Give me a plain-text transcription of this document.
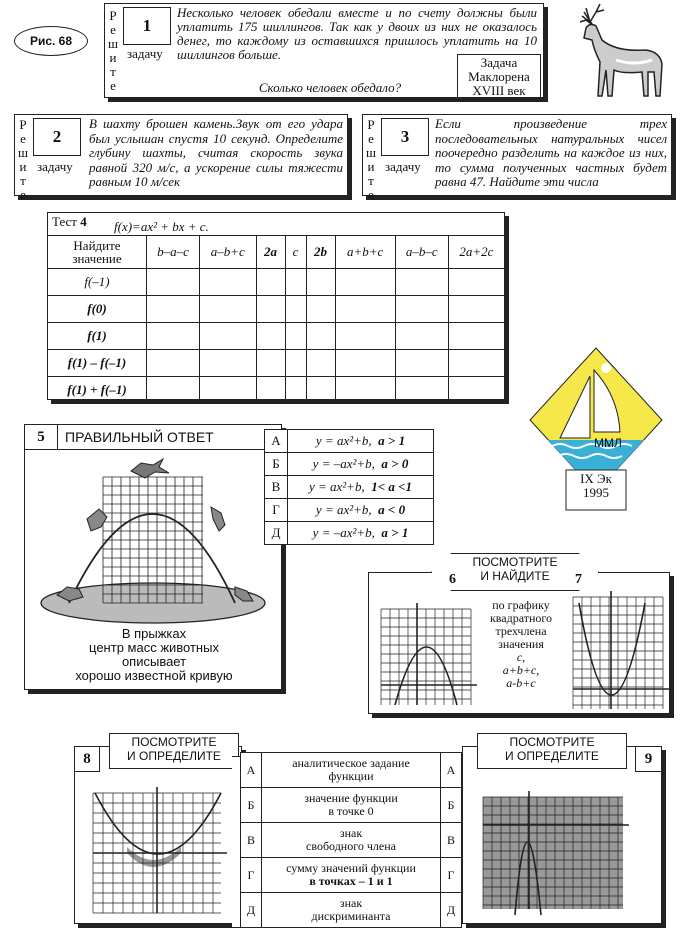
Рис. 68	Решите 1
задачу
Несколько человек обедали вместе и по счету должны были уплатить 175 шиллингов. Так как у двоих из них не оказалось денег, то каждому из оставшихся пришлось уплатить на 10 шиллингов больше.
Сколько человек обедало?
Задача
Маклорена
XVIII век
Решите 2
задачу
В шахту брошен камень.Звук от его удара был услышан спустя 10 секунд. Определите глубину шахты, считая скорость звука равной 320 м/с, а ускорение силы тяжести равным 10 м/сек	Решите 3
задачу
Если произведение трех последовательных натуральных чисел поочередно разделить на каждое из них, то сумма полученных частных будет равна 47. Найдите эти числа
Тест 4 f(x)=ax² + bx + c.
Найдите
значение	b–a–c	a–b+c	2a	c	2b	a+b+c	a–b–c	2a+2c
f(–1)								
f(0)								
f(1)								
f(1) – f(–1)								
f(1) + f(–1)								
5 ПРАВИЛЬНЫЙ ОТВЕТ
В прыжках
центр масс животных
описывает
хорошо известной кривую
А	y = ax²+b, a > 1
Б	y = –ax²+b, a > 0
В	y = ax²+b, 1< a <1
Г	y = ax²+b, a < 0
Д	y = –ax²+b, a > 1
ММЛ
IX Эк
1995
ПОСМОТРИТЕ
И НАЙДИТЕ
6	7
по графику
квадратного
трехчлена
значения
c,
a+b+c,
a-b+c
8
ПОСМОТРИТЕ
И ОПРЕДЕЛИТЕ
А	аналитическое задание
функции	А
Б	значение функции
в точке 0	Б
В	знак
свободного члена	В
Г	сумму значений функции
в точках – 1 и 1	Г
Д	знак
дискриминанта	Д
9
ПОСМОТРИТЕ
И ОПРЕДЕЛИТЕ
